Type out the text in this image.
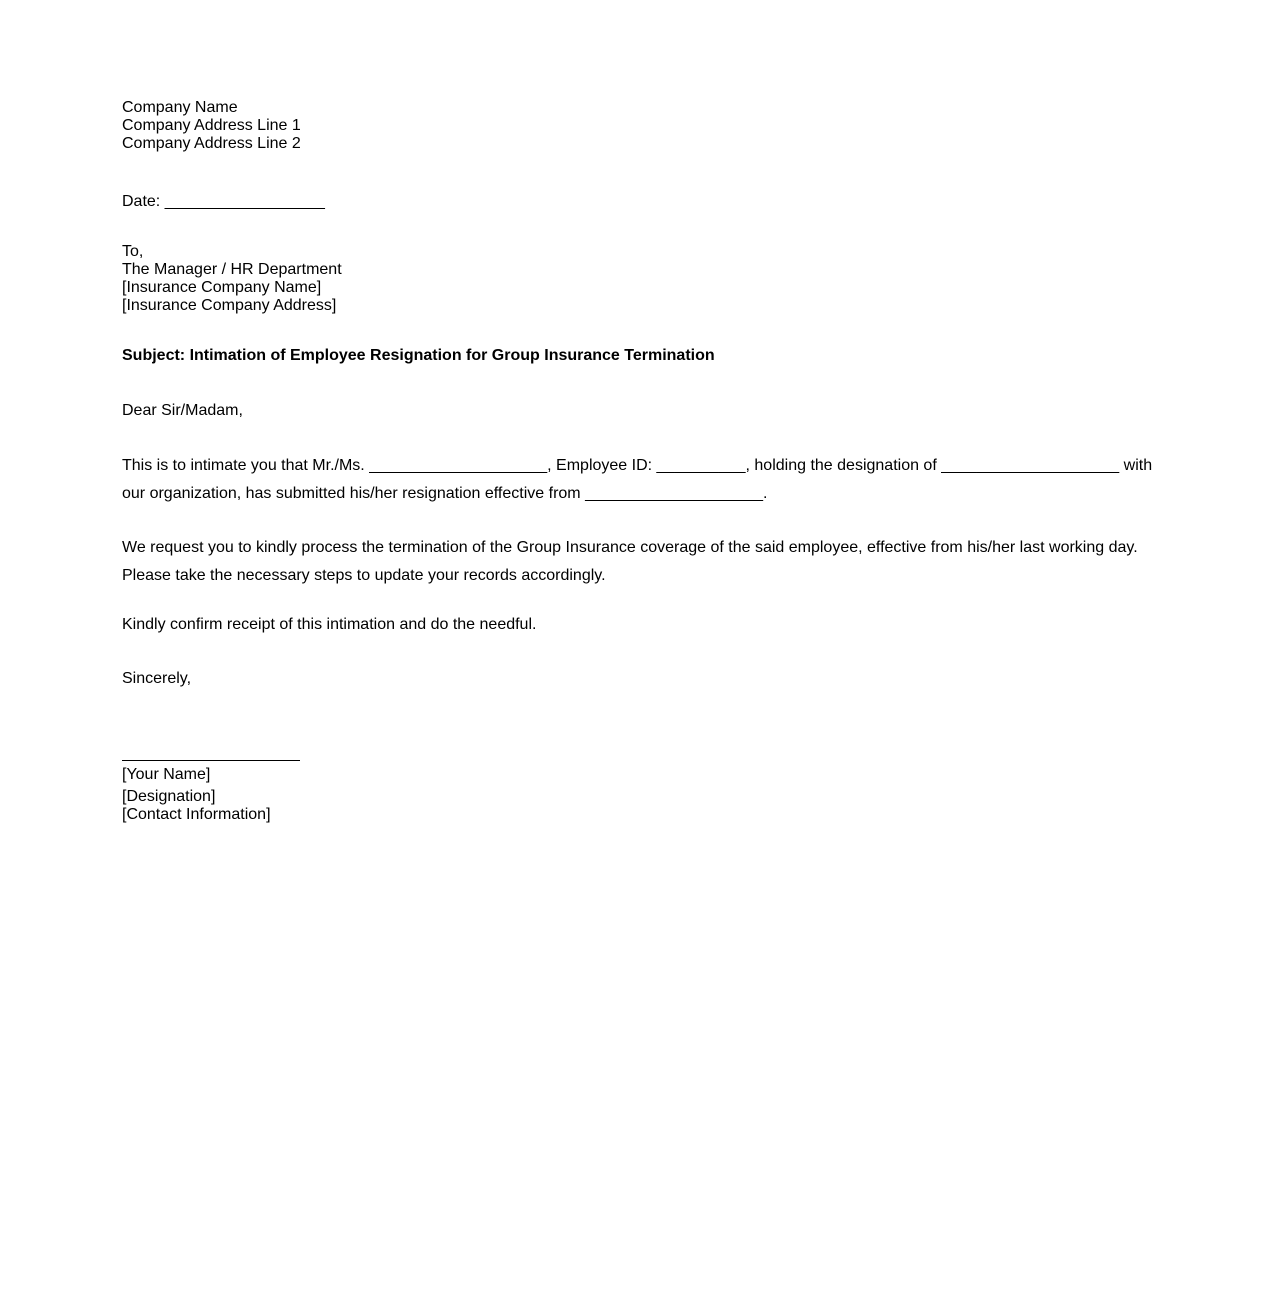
Company Name
Company Address Line 1
Company Address Line 2
Date: __________________
To,
The Manager / HR Department
[Insurance Company Name]
[Insurance Company Address]
Subject: Intimation of Employee Resignation for Group Insurance Termination
Dear Sir/Madam,

This is to intimate you that Mr./Ms. ____________________, Employee ID: __________, holding the designation of ____________________ with our organization, has submitted his/her resignation effective from ____________________.

We request you to kindly process the termination of the Group Insurance coverage of the said employee, effective from his/her last working day. Please take the necessary steps to update your records accordingly.

Kindly confirm receipt of this intimation and do the needful.

Sincerely,
[Your Name]
[Designation]
[Contact Information]
